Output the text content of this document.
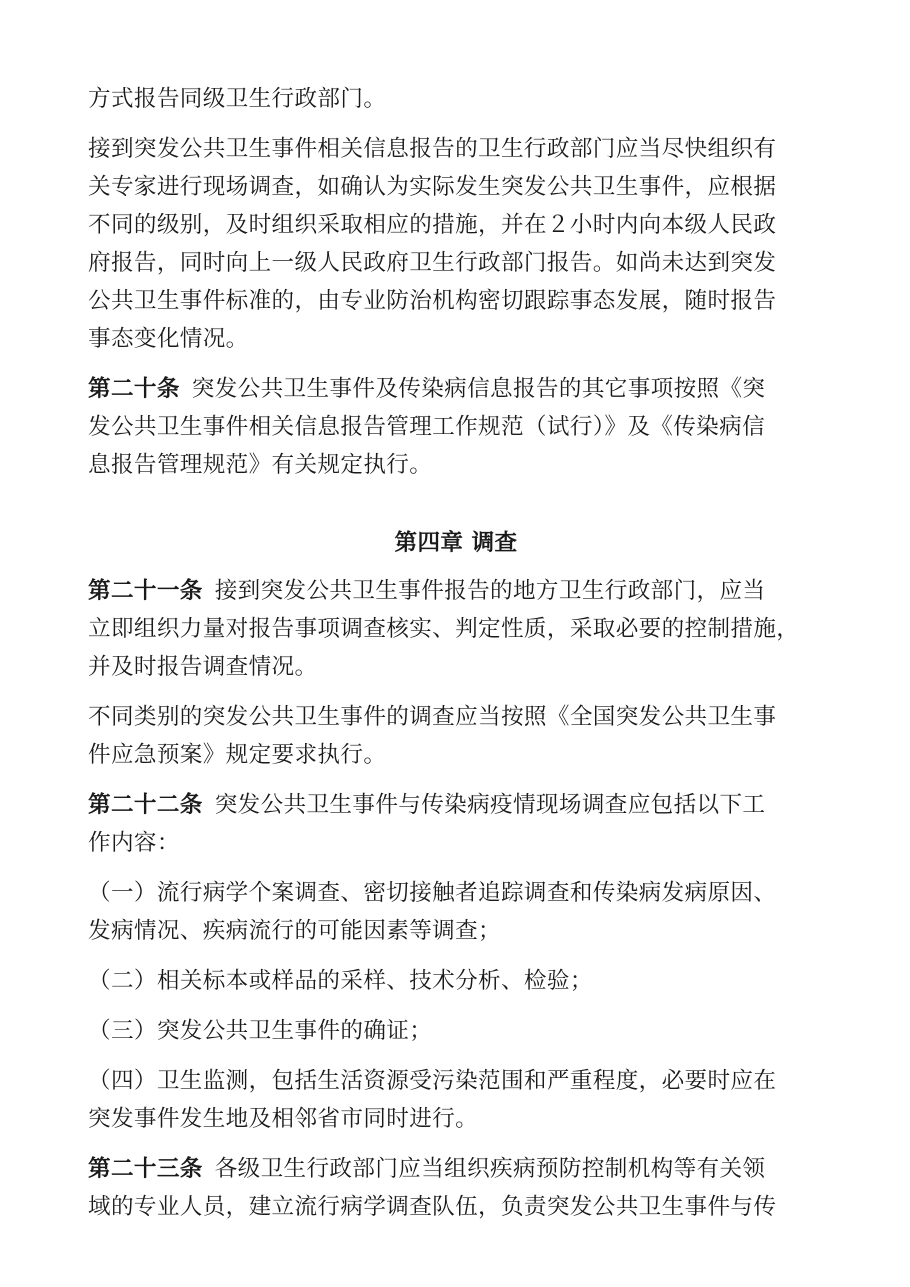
方式报告同级卫生行政部门。
接到突发公共卫生事件相关信息报告的卫生行政部门应当尽快组织有
关专家进行现场调查，如确认为实际发生突发公共卫生事件，应根据
不同的级别，及时组织采取相应的措施，并在２小时内向本级人民政
府报告，同时向上一级人民政府卫生行政部门报告。如尚未达到突发
公共卫生事件标准的，由专业防治机构密切跟踪事态发展，随时报告
事态变化情况。
第二十条 突发公共卫生事件及传染病信息报告的其它事项按照《突
发公共卫生事件相关信息报告管理工作规范（试行）》及《传染病信
息报告管理规范》有关规定执行。
第四章 调查
第二十一条 接到突发公共卫生事件报告的地方卫生行政部门，应当
立即组织力量对报告事项调查核实、判定性质，采取必要的控制措施，
并及时报告调查情况。
不同类别的突发公共卫生事件的调查应当按照《全国突发公共卫生事
件应急预案》规定要求执行。
第二十二条 突发公共卫生事件与传染病疫情现场调查应包括以下工
作内容：
（一）流行病学个案调查、密切接触者追踪调查和传染病发病原因、
发病情况、疾病流行的可能因素等调查；
（二）相关标本或样品的采样、技术分析、检验；
（三）突发公共卫生事件的确证；
（四）卫生监测，包括生活资源受污染范围和严重程度，必要时应在
突发事件发生地及相邻省市同时进行。
第二十三条 各级卫生行政部门应当组织疾病预防控制机构等有关领
域的专业人员，建立流行病学调查队伍，负责突发公共卫生事件与传
